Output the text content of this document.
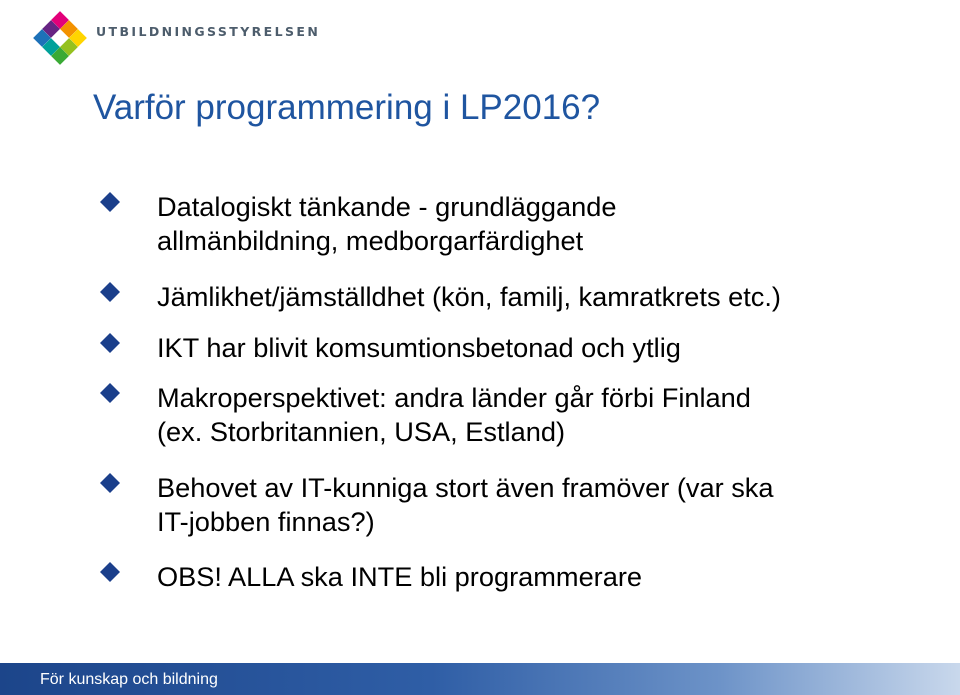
UTBILDNINGSSTYRELSEN
Varför programmering i LP2016?

Datalogiskt tänkande - grundläggande
allmänbildning, medborgarfärdighet

Jämlikhet/jämställdhet (kön, familj, kamratkrets etc.)

IKT har blivit komsumtionsbetonad och ytlig

Makroperspektivet: andra länder går förbi Finland
(ex. Storbritannien, USA, Estland)

Behovet av IT-kunniga stort även framöver (var ska
IT-jobben finnas?)

OBS! ALLA ska INTE bli programmerare

För kunskap och bildning
